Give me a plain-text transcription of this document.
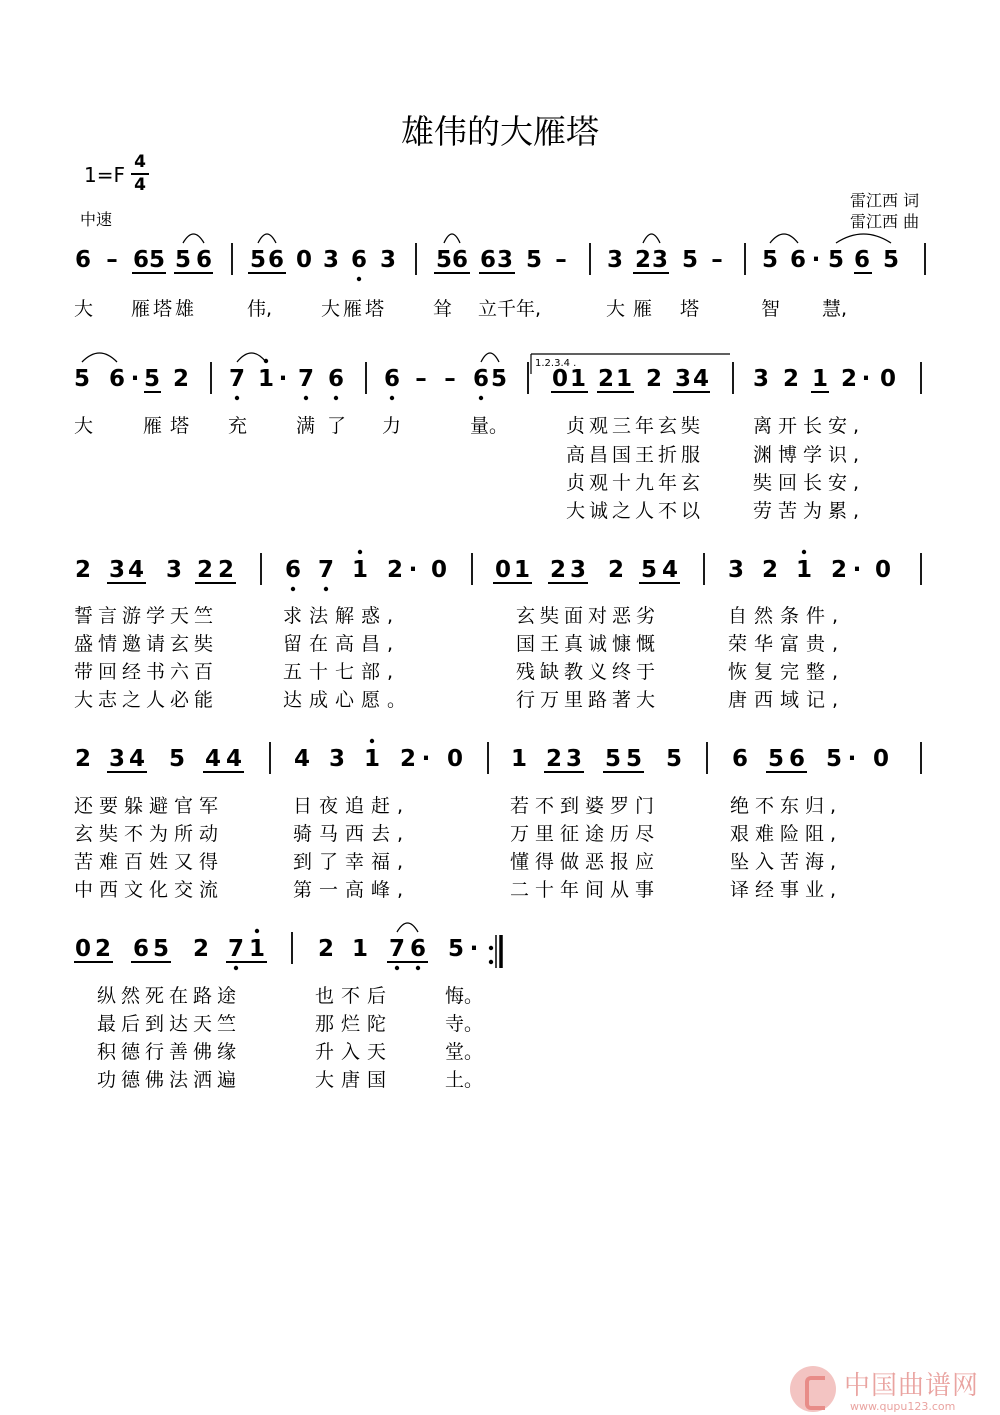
雄伟的大雁塔
1=F
4
4
中速
雷江西 词
雷江西 曲
6 – 6 5 5 6 5 6 0 3 6 3 5 6 6 3 5 – 3 2 3 5 – 5 6 · 5 6 5
5 6 · 5 2 7 1 · 7 6 6 – – 6 5 0 1 2 1 2 3 4 3 2 1 2 · 0
2 3 4 3 2 2 6 7 1 2 · 0 0 1 2 3 2 5 4 3 2 1 2 · 0
2 3 4 5 4 4 4 3 1 2 · 0 1 2 3 5 5 5 6 5 6 5 · 0
0 2 6 5 2 7 1 2 1 7 6 5 ·
1.2.3.4 .
大 雁塔雄	伟,	大雁塔 耸 立千年,	大雁 塔	智 慧,
大	雁塔 充	满了 力	量。	贞观三年玄奘	离开长安,
高昌国王折服	渊博学识,
贞观十九年玄	奘回长安,
大诚之人不以	劳苦为累,
誓言游学天竺	求法解惑,	玄奘面对恶劣	自然条件,
盛情邀请玄奘	留在高昌,	国王真诚慷慨	荣华富贵,
带回经书六百	五十七部,	残缺教义终于	恢复完整,
大志之人必能	达成心愿。	行万里路著大	唐西域记,
还要躲避官军	日夜追赶,	若不到婆罗门	绝不东归,
玄奘不为所动	骑马西去,	万里征途历尽	艰难险阻,
苦难百姓又得	到了幸福,	懂得做恶报应	坠入苦海,
中西文化交流	第一高峰,	二十年间从事	译经事业,
纵然死在路途	也不后	悔。
最后到达天竺	那烂陀	寺。
积德行善佛缘	升入天	堂。
功德佛法洒遍	大唐国	土。
中国曲谱网
www.qupu123.com
